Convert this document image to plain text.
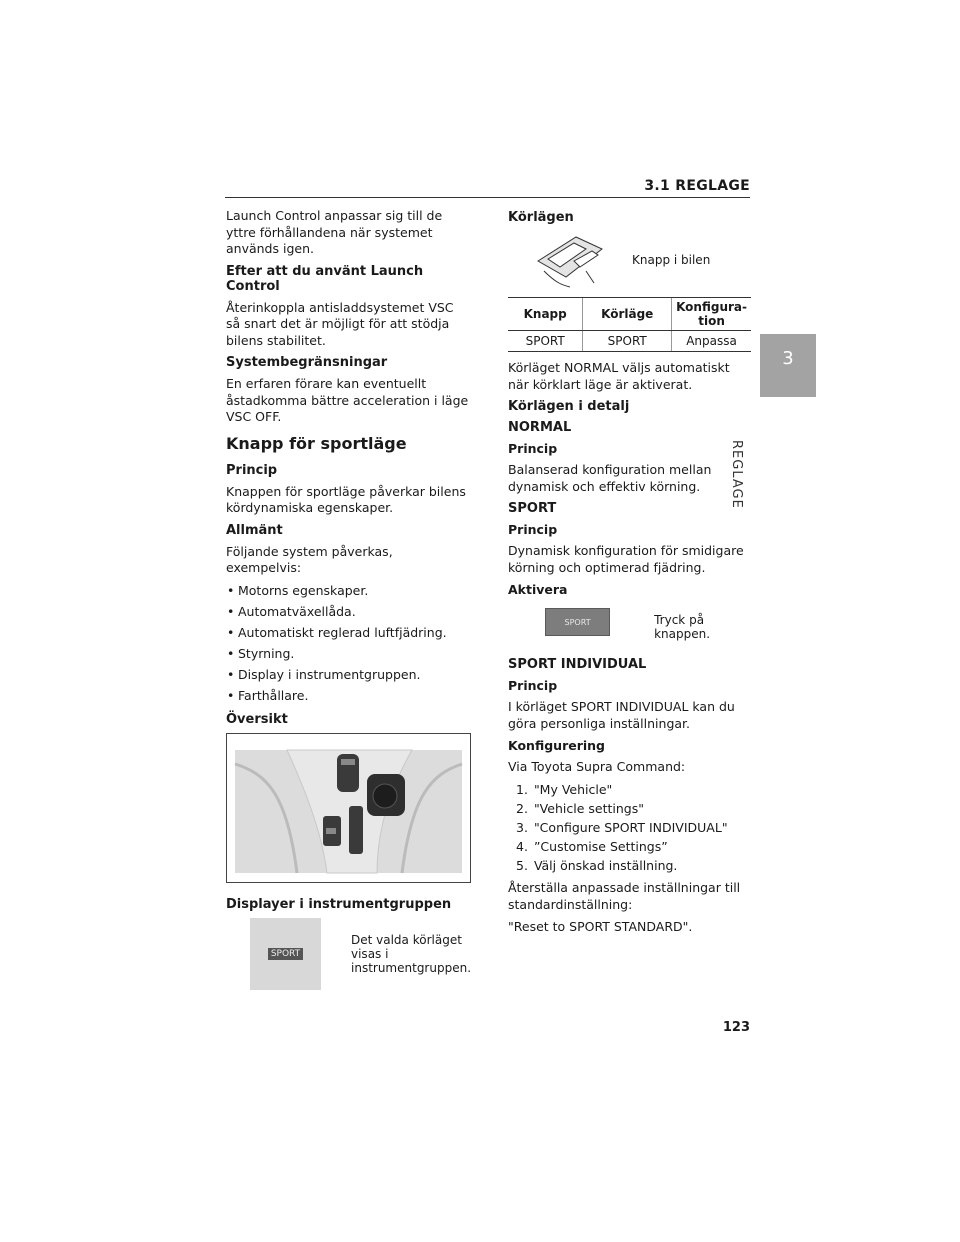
3.1 REGLAGE
3
REGLAGE

Launch Control anpassar sig till de yttre förhållandena när systemet används igen.

Efter att du använt Launch Control

Återinkoppla antisladdsystemet VSC så snart det är möjligt för att stödja bilens stabilitet.

Systembegränsningar

En erfaren förare kan eventuellt åstadkomma bättre acceleration i läge VSC OFF.

Knapp för sportläge
Princip

Knappen för sportläge påverkar bilens kördynamiska egenskaper.

Allmänt

Följande system påverkas, exempelvis:

• Motorns egenskaper.
• Automatväxellåda.
• Automatiskt reglerad luftfjädring.
• Styrning.
• Display i instrumentgruppen.
• Farthållare.
Översikt
Displayer i instrumentgruppen
SPORT
Det valda körläget visas i instrumentgruppen.
Körlägen
Knapp i bilen
Knapp	Körläge	Konfigura-tion
SPORT	SPORT	Anpassa

Körläget NORMAL väljs automatiskt när körklart läge är aktiverat.

Körlägen i detalj
NORMAL
Princip

Balanserad konfiguration mellan dynamisk och effektiv körning.

SPORT
Princip

Dynamisk konfiguration för smidigare körning och optimerad fjädring.

Aktivera
SPORT	Tryck på knappen.
SPORT INDIVIDUAL
Princip

I körläget SPORT INDIVIDUAL kan du göra personliga inställningar.

Konfigurering

Via Toyota Supra Command:

1. "My Vehicle"
2. "Vehicle settings"
3. "Configure SPORT INDIVIDUAL"
4. ”Customise Settings”
5. Välj önskad inställning.

Återställa anpassade inställningar till standardinställning:

"Reset to SPORT STANDARD".

123
